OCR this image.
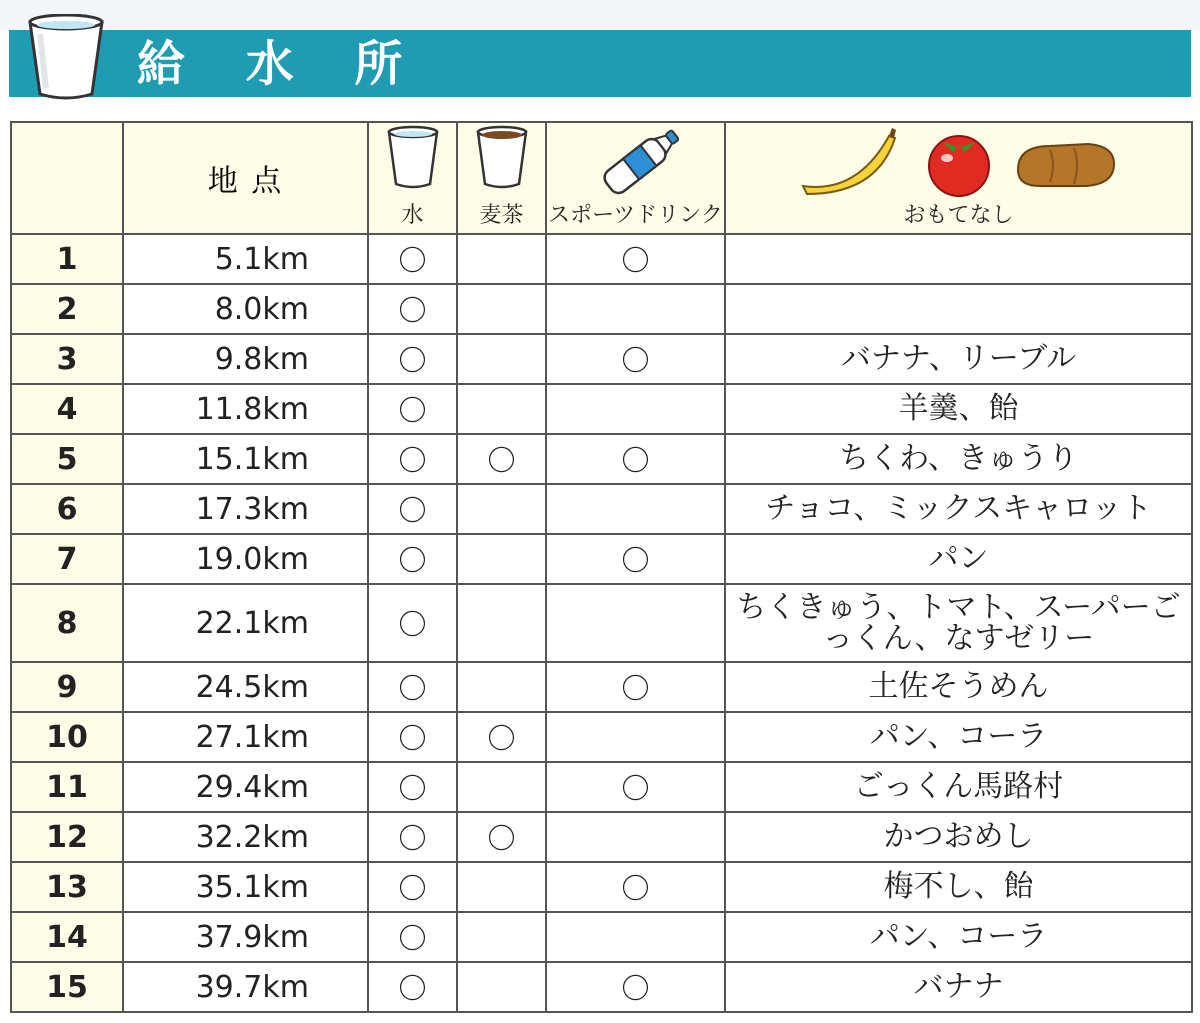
給 水 所
	地 点	水	麦茶	スポーツドリンク	おもてなし

1	5.1km	〇		〇	
2	8.0km	〇			
3	9.8km	〇		〇	バナナ、リーブル
4	11.8km	〇			羊羹、飴
5	15.1km	〇	〇	〇	ちくわ、きゅうり
6	17.3km	〇			チョコ、ミックスキャロット
7	19.0km	〇		〇	パン
8	22.1km	〇			ちくきゅう、トマト、スーパーごっくん、なすゼリー
9	24.5km	〇		〇	土佐そうめん
10	27.1km	〇	〇		パン、コーラ
11	29.4km	〇		〇	ごっくん馬路村
12	32.2km	〇	〇		かつおめし
13	35.1km	〇		〇	梅不し、飴
14	37.9km	〇			パン、コーラ
15	39.7km	〇		〇	バナナ
